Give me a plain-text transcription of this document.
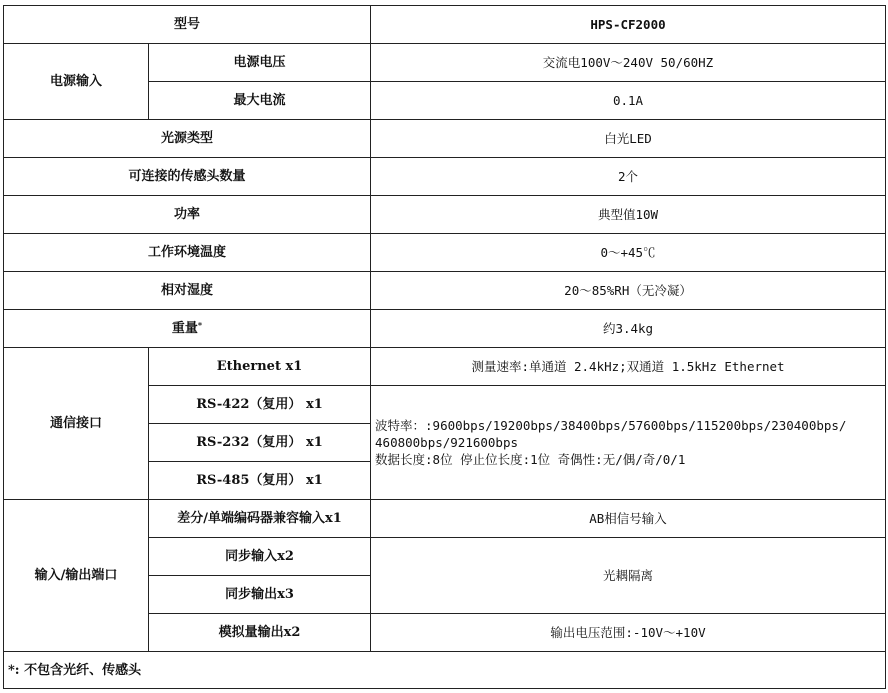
型号		HPS-CF2000
电源输入	电源电压	交流电100V～240V 50/60HZ
	最大电流	0.1A
光源类型		白光LED
可连接的传感头数量		2个
功率		典型值10W
工作环境温度		0～+45℃
相对湿度		20～85%RH（无冷凝）
重量*		约3.4kg
通信接口	Ethernet x1	测量速率:单通道 2.4kHz;双通道 1.5kHz Ethernet
	RS-422（复用） x1	波特率：:9600bps/19200bps/38400bps/57600bps/115200bps/230400bps/
460800bps/921600bps
数据长度:8位 停止位长度:1位 奇偶性:无/偶/奇/0/1

	RS-232（复用） x1	
	RS-485（复用） x1	
输入/输出端口	差分/单端编码器兼容输入x1	AB相信号输入
	同步输入x2	光耦隔离
	同步输出x3	
	模拟量输出x2	输出电压范围:-10V～+10V
*: 不包含光纤、传感头		
